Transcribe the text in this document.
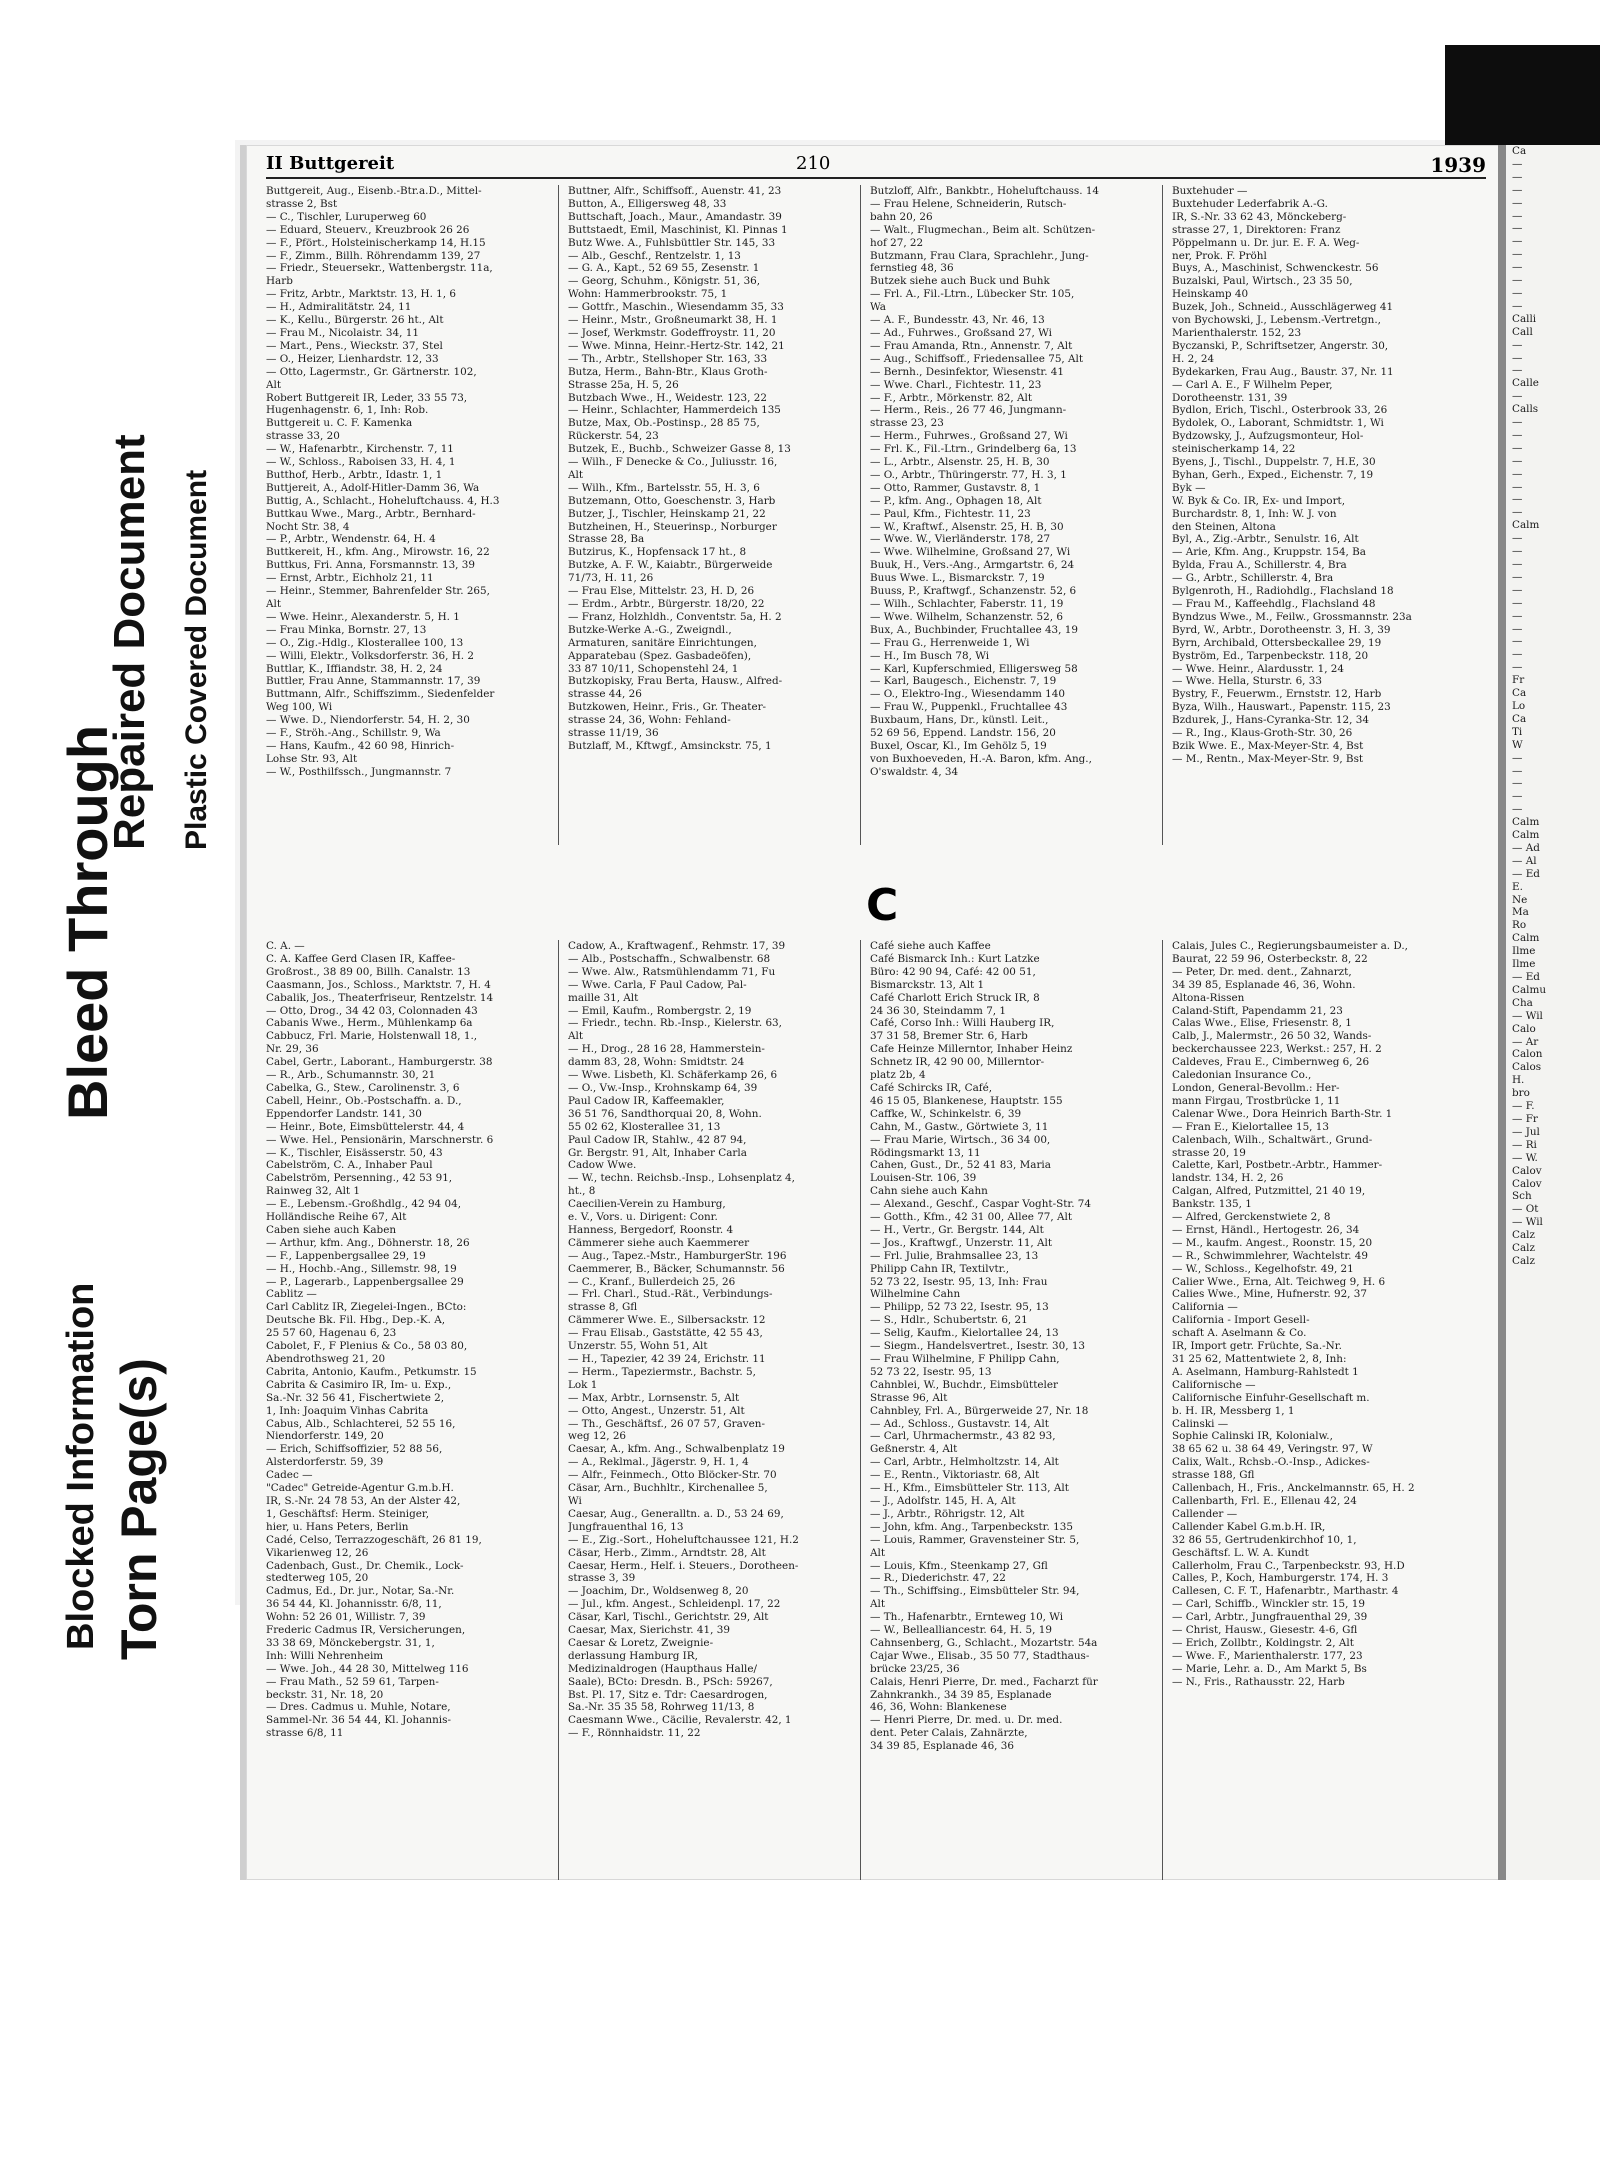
Blocked Information Torn Page(s)
Bleed Through
Repaired Document Plastic Covered Document
II Buttgereit	210	1939
Buttgereit, Aug., Eisenb.-Btr.a.D., Mittel-
strasse 2, Bst
— C., Tischler, Luruperweg 60
— Eduard, Steuerv., Kreuzbrook 26 26
— F., Pfört., Holsteinischerkamp 14, H.15
— F., Zimm., Billh. Röhrendamm 139, 27
— Friedr., Steuersekr., Wattenbergstr. 11a,
Harb
— Fritz, Arbtr., Marktstr. 13, H. 1, 6
— H., Admiralitätstr. 24, 11
— K., Kellu., Bürgerstr. 26 ht., Alt
— Frau M., Nicolaistr. 34, 11
— Mart., Pens., Wieckstr. 37, Stel
— O., Heizer, Lienhardstr. 12, 33
— Otto, Lagermstr., Gr. Gärtnerstr. 102,
Alt
Robert Buttgereit IR, Leder, 33 55 73,
Hugenhagenstr. 6, 1, Inh: Rob.
Buttgereit u. C. F. Kamenka
strasse 33, 20
— W., Hafenarbtr., Kirchenstr. 7, 11
— W., Schloss., Raboisen 33, H. 4, 1
Butthof, Herb., Arbtr., Idastr. 1, 1
Buttjereit, A., Adolf-Hitler-Damm 36, Wa
Buttig, A., Schlacht., Hoheluftchauss. 4, H.3
Buttkau Wwe., Marg., Arbtr., Bernhard-
Nocht Str. 38, 4
— P., Arbtr., Wendenstr. 64, H. 4
Buttkereit, H., kfm. Ang., Mirowstr. 16, 22
Buttkus, Fri. Anna, Forsmannstr. 13, 39
— Ernst, Arbtr., Eichholz 21, 11
— Heinr., Stemmer, Bahrenfelder Str. 265,
Alt
— Wwe. Heinr., Alexanderstr. 5, H. 1
— Frau Minka, Bornstr. 27, 13
— O., Zig.-Hdlg., Klosterallee 100, 13
— Willi, Elektr., Volksdorferstr. 36, H. 2
Buttlar, K., Iffiandstr. 38, H. 2, 24
Buttler, Frau Anne, Stammannstr. 17, 39
Buttmann, Alfr., Schiffszimm., Siedenfelder
Weg 100, Wi
— Wwe. D., Niendorferstr. 54, H. 2, 30
— F., Ströh.-Ang., Schillstr. 9, Wa
— Hans, Kaufm., 42 60 98, Hinrich-
Lohse Str. 93, Alt
— W., Posthilfssch., Jungmannstr. 7
Buttner, Alfr., Schiffsoff., Auenstr. 41, 23
Button, A., Elligersweg 48, 33
Buttschaft, Joach., Maur., Amandastr. 39
Buttstaedt, Emil, Maschinist, Kl. Pinnas 1
Butz Wwe. A., Fuhlsbüttler Str. 145, 33
— Alb., Geschf., Rentzelstr. 1, 13
— G. A., Kapt., 52 69 55, Zesenstr. 1
— Georg, Schuhm., Königstr. 51, 36,
Wohn: Hammerbrookstr. 75, 1
— Gottfr., Maschin., Wiesendamm 35, 33
— Heinr., Mstr., Großneumarkt 38, H. 1
— Josef, Werkmstr. Godeffroystr. 11, 20
— Wwe. Minna, Heinr.-Hertz-Str. 142, 21
— Th., Arbtr., Stellshoper Str. 163, 33
Butza, Herm., Bahn-Btr., Klaus Groth-
Strasse 25a, H. 5, 26
Butzbach Wwe., H., Weidestr. 123, 22
— Heinr., Schlachter, Hammerdeich 135
Butze, Max, Ob.-Postinsp., 28 85 75,
Rückerstr. 54, 23
Butzek, E., Buchb., Schweizer Gasse 8, 13
— Wilh., F Denecke & Co., Juliusstr. 16,
Alt
— Wilh., Kfm., Bartelsstr. 55, H. 3, 6
Butzemann, Otto, Goeschenstr. 3, Harb
Butzer, J., Tischler, Heinskamp 21, 22
Butzheinen, H., Steuerinsp., Norburger
Strasse 28, Ba
Butzirus, K., Hopfensack 17 ht., 8
Butzke, A. F. W., Kaiabtr., Bürgerweide
71/73, H. 11, 26
— Frau Else, Mittelstr. 23, H. D, 26
— Erdm., Arbtr., Bürgerstr. 18/20, 22
— Franz, Holzhldh., Conventstr. 5a, H. 2
Butzke-Werke A.-G., Zweigndl.,
Armaturen, sanitäre Einrichtungen,
Apparatebau (Spez. Gasbadeöfen),
33 87 10/11, Schopenstehl 24, 1
Butzkopisky, Frau Berta, Hausw., Alfred-
strasse 44, 26
Butzkowen, Heinr., Fris., Gr. Theater-
strasse 24, 36, Wohn: Fehland-
strasse 11/19, 36
Butzlaff, M., Kftwgf., Amsinckstr. 75, 1
Butzloff, Alfr., Bankbtr., Hoheluftchauss. 14
— Frau Helene, Schneiderin, Rutsch-
bahn 20, 26
— Walt., Flugmechan., Beim alt. Schützen-
hof 27, 22
Butzmann, Frau Clara, Sprachlehr., Jung-
fernstieg 48, 36
Butzek siehe auch Buck und Buhk
— Frl. A., Fil.-Ltrn., Lübecker Str. 105,
Wa
— A. F., Bundesstr. 43, Nr. 46, 13
— Ad., Fuhrwes., Großsand 27, Wi
— Frau Amanda, Rtn., Annenstr. 7, Alt
— Aug., Schiffsoff., Friedensallee 75, Alt
— Bernh., Desinfektor, Wiesenstr. 41
— Wwe. Charl., Fichtestr. 11, 23
— F., Arbtr., Mörkenstr. 82, Alt
— Herm., Reis., 26 77 46, Jungmann-
strasse 23, 23
— Herm., Fuhrwes., Großsand 27, Wi
— Frl. K., Fil.-Ltrn., Grindelberg 6a, 13
— L., Arbtr., Alsenstr. 25, H. B, 30
— O., Arbtr., Thüringerstr. 77, H. 3, 1
— Otto, Rammer, Gustavstr. 8, 1
— P., kfm. Ang., Ophagen 18, Alt
— Paul, Kfm., Fichtestr. 11, 23
— W., Kraftwf., Alsenstr. 25, H. B, 30
— Wwe. W., Vierländerstr. 178, 27
— Wwe. Wilhelmine, Großsand 27, Wi
Buuk, H., Vers.-Ang., Armgartstr. 6, 24
Buus Wwe. L., Bismarckstr. 7, 19
Buuss, P., Kraftwgf., Schanzenstr. 52, 6
— Wilh., Schlachter, Faberstr. 11, 19
— Wwe. Wilhelm, Schanzenstr. 52, 6
Bux, A., Buchbinder, Fruchtallee 43, 19
— Frau G., Herrenweide 1, Wi
— H., Im Busch 78, Wi
— Karl, Kupferschmied, Elligersweg 58
— Karl, Baugesch., Eichenstr. 7, 19
— O., Elektro-Ing., Wiesendamm 140
— Frau W., Puppenkl., Fruchtallee 43
Buxbaum, Hans, Dr., künstl. Leit.,
52 69 56, Eppend. Landstr. 156, 20
Buxel, Oscar, Kl., Im Gehölz 5, 19
von Buxhoeveden, H.-A. Baron, kfm. Ang.,
O'swaldstr. 4, 34
Buxtehuder —
Buxtehuder Lederfabrik A.-G.
IR, S.-Nr. 33 62 43, Mönckeberg-
strasse 27, 1, Direktoren: Franz
Pöppelmann u. Dr. jur. E. F. A. Weg-
ner, Prok. F. Pröhl
Buys, A., Maschinist, Schwenckestr. 56
Buzalski, Paul, Wirtsch., 23 35 50,
Heinskamp 40
Buzek, Joh., Schneid., Ausschlägerweg 41
von Bychowski, J., Lebensm.-Vertretgn.,
Marienthalerstr. 152, 23
Byczanski, P., Schriftsetzer, Angerstr. 30,
H. 2, 24
Bydekarken, Frau Aug., Baustr. 37, Nr. 11
— Carl A. E., F Wilhelm Peper,
Dorotheenstr. 131, 39
Bydlon, Erich, Tischl., Osterbrook 33, 26
Bydolek, O., Laborant, Schmidtstr. 1, Wi
Bydzowsky, J., Aufzugsmonteur, Hol-
steinischerkamp 14, 22
Byens, J., Tischl., Duppelstr. 7, H.E, 30
Byhan, Gerh., Exped., Eichenstr. 7, 19
Byk —
W. Byk & Co. IR, Ex- und Import,
Burchardstr. 8, 1, Inh: W. J. von
den Steinen, Altona
Byl, A., Zig.-Arbtr., Senulstr. 16, Alt
— Arie, Kfm. Ang., Kruppstr. 154, Ba
Bylda, Frau A., Schillerstr. 4, Bra
— G., Arbtr., Schillerstr. 4, Bra
Bylgenroth, H., Radiohdlg., Flachsland 18
— Frau M., Kaffeehdlg., Flachsland 48
Byndzus Wwe., M., Feilw., Grossmannstr. 23a
Byrd, W., Arbtr., Dorotheenstr. 3, H. 3, 39
Byrn, Archibald, Ottersbeckallee 29, 19
Byström, Ed., Tarpenbeckstr. 118, 20
— Wwe. Heinr., Alardusstr. 1, 24
— Wwe. Hella, Sturstr. 6, 33
Bystry, F., Feuerwm., Ernststr. 12, Harb
Byza, Wilh., Hauswart., Papenstr. 115, 23
Bzdurek, J., Hans-Cyranka-Str. 12, 34
— R., Ing., Klaus-Groth-Str. 30, 26
Bzik Wwe. E., Max-Meyer-Str. 4, Bst
— M., Rentn., Max-Meyer-Str. 9, Bst
C
C. A. —
C. A. Kaffee Gerd Clasen IR, Kaffee-
Großrost., 38 89 00, Billh. Canalstr. 13
Caasmann, Jos., Schloss., Marktstr. 7, H. 4
Cabalik, Jos., Theaterfriseur, Rentzelstr. 14
— Otto, Drog., 34 42 03, Colonnaden 43
Cabanis Wwe., Herm., Mühlenkamp 6a
Cabbucz, Frl. Marie, Holstenwall 18, 1.,
Nr. 29, 36
Cabel, Gertr., Laborant., Hamburgerstr. 38
— R., Arb., Schumannstr. 30, 21
Cabelka, G., Stew., Carolinenstr. 3, 6
Cabell, Heinr., Ob.-Postschaffn. a. D.,
Eppendorfer Landstr. 141, 30
— Heinr., Bote, Eimsbüttelerstr. 44, 4
— Wwe. Hel., Pensionärin, Marschnerstr. 6
— K., Tischler, Eisässerstr. 50, 43
Cabelström, C. A., Inhaber Paul
Cabelström, Persenning., 42 53 91,
Rainweg 32, Alt 1
— E., Lebensm.-Großhdlg., 42 94 04,
Holländische Reihe 67, Alt
Caben siehe auch Kaben
— Arthur, kfm. Ang., Döhnerstr. 18, 26
— F., Lappenbergsallee 29, 19
— H., Hochb.-Ang., Sillemstr. 98, 19
— P., Lagerarb., Lappenbergsallee 29
Cablitz —
Carl Cablitz IR, Ziegelei-Ingen., BCto:
Deutsche Bk. Fil. Hbg., Dep.-K. A,
25 57 60, Hagenau 6, 23
Cabolet, F., F Plenius & Co., 58 03 80,
Abendrothsweg 21, 20
Cabrita, Antonio, Kaufm., Petkumstr. 15
Cabrita & Casimiro IR, Im- u. Exp.,
Sa.-Nr. 32 56 41, Fischertwiete 2,
1, Inh: Joaquim Vinhas Cabrita
Cabus, Alb., Schlachterei, 52 55 16,
Niendorferstr. 149, 20
— Erich, Schiffsoffizier, 52 88 56,
Alsterdorferstr. 59, 39
Cadec —
"Cadec" Getreide-Agentur G.m.b.H.
IR, S.-Nr. 24 78 53, An der Alster 42,
1, Geschäftsf: Herm. Steiniger,
hier, u. Hans Peters, Berlin
Cadé, Celso, Terrazzogeschäft, 26 81 19,
Vikarienweg 12, 26
Cadenbach, Gust., Dr. Chemik., Lock-
stedterweg 105, 20
Cadmus, Ed., Dr. jur., Notar, Sa.-Nr.
36 54 44, Kl. Johannisstr. 6/8, 11,
Wohn: 52 26 01, Willistr. 7, 39
Frederic Cadmus IR, Versicherungen,
33 38 69, Mönckebergstr. 31, 1,
Inh: Willi Nehrenheim
— Wwe. Joh., 44 28 30, Mittelweg 116
— Frau Math., 52 59 61, Tarpen-
beckstr. 31, Nr. 18, 20
— Dres. Cadmus u. Muhle, Notare,
Sammel-Nr. 36 54 44, Kl. Johannis-
strasse 6/8, 11
Cadow, A., Kraftwagenf., Rehmstr. 17, 39
— Alb., Postschaffn., Schwalbenstr. 68
— Wwe. Alw., Ratsmühlendamm 71, Fu
— Wwe. Carla, F Paul Cadow, Pal-
maille 31, Alt
— Emil, Kaufm., Rombergstr. 2, 19
— Friedr., techn. Rb.-Insp., Kielerstr. 63,
Alt
— H., Drog., 28 16 28, Hammerstein-
damm 83, 28, Wohn: Smidtstr. 24
— Wwe. Lisbeth, Kl. Schäferkamp 26, 6
— O., Vw.-Insp., Krohnskamp 64, 39
Paul Cadow IR, Kaffeemakler,
36 51 76, Sandthorquai 20, 8, Wohn.
55 02 62, Klosterallee 31, 13
Paul Cadow IR, Stahlw., 42 87 94,
Gr. Bergstr. 91, Alt, Inhaber Carla
Cadow Wwe.
— W., techn. Reichsb.-Insp., Lohsenplatz 4,
ht., 8
Caecilien-Verein zu Hamburg,
e. V., Vors. u. Dirigent: Conr.
Hanness, Bergedorf, Roonstr. 4
Cämmerer siehe auch Kaemmerer
— Aug., Tapez.-Mstr., HamburgerStr. 196
Caemmerer, B., Bäcker, Schumannstr. 56
— C., Kranf., Bullerdeich 25, 26
— Frl. Charl., Stud.-Rät., Verbindungs-
strasse 8, Gfl
Cämmerer Wwe. E., Silbersackstr. 12
— Frau Elisab., Gaststätte, 42 55 43,
Unzerstr. 55, Wohn 51, Alt
— H., Tapezier, 42 39 24, Erichstr. 11
— Herm., Tapeziermstr., Bachstr. 5,
Lok 1
— Max, Arbtr., Lornsenstr. 5, Alt
— Otto, Angest., Unzerstr. 51, Alt
— Th., Geschäftsf., 26 07 57, Graven-
weg 12, 26
Caesar, A., kfm. Ang., Schwalbenplatz 19
— A., Reklmal., Jägerstr. 9, H. 1, 4
— Alfr., Feinmech., Otto Blöcker-Str. 70
Cäsar, Arn., Buchhltr., Kirchenallee 5,
Wi
Caesar, Aug., Generalltn. a. D., 53 24 69,
Jungfrauenthal 16, 13
— E., Zig.-Sort., Hoheluftchaussee 121, H.2
Cäsar, Herb., Zimm., Arndtstr. 28, Alt
Caesar, Herm., Helf. i. Steuers., Dorotheen-
strasse 3, 39
— Joachim, Dr., Woldsenweg 8, 20
— Jul., kfm. Angest., Schleidenpl. 17, 22
Cäsar, Karl, Tischl., Gerichtstr. 29, Alt
Caesar, Max, Sierichstr. 41, 39
Caesar & Loretz, Zweignie-
derlassung Hamburg IR,
Medizinaldrogen (Haupthaus Halle/
Saale), BCto: Dresdn. B., PSch: 59267,
Bst. Pl. 17, Sitz e. Tdr: Caesardrogen,
Sa.-Nr. 35 35 58, Rohrweg 11/13, 8
Caesmann Wwe., Cäcilie, Revalerstr. 42, 1
— F., Rönnhaidstr. 11, 22
Café siehe auch Kaffee
Café Bismarck Inh.: Kurt Latzke
Büro: 42 90 94, Café: 42 00 51,
Bismarckstr. 13, Alt 1
Café Charlott Erich Struck IR, 8
24 36 30, Steindamm 7, 1
Café, Corso Inh.: Willi Hauberg IR,
37 31 58, Bremer Str. 6, Harb
Cafe Heinze Millerntor, Inhaber Heinz
Schnetz IR, 42 90 00, Millerntor-
platz 2b, 4
Café Schircks IR, Café,
46 15 05, Blankenese, Hauptstr. 155
Caffke, W., Schinkelstr. 6, 39
Cahn, M., Gastw., Görtwiete 3, 11
— Frau Marie, Wirtsch., 36 34 00,
Rödingsmarkt 13, 11
Cahen, Gust., Dr., 52 41 83, Maria
Louisen-Str. 106, 39
Cahn siehe auch Kahn
— Alexand., Geschf., Caspar Voght-Str. 74
— Gotth., Kfm., 42 31 00, Allee 77, Alt
— H., Vertr., Gr. Bergstr. 144, Alt
— Jos., Kraftwgf., Unzerstr. 11, Alt
— Frl. Julie, Brahmsallee 23, 13
Philipp Cahn IR, Textilvtr.,
52 73 22, Isestr. 95, 13, Inh: Frau
Wilhelmine Cahn
— Philipp, 52 73 22, Isestr. 95, 13
— S., Hdlr., Schubertstr. 6, 21
— Selig, Kaufm., Kielortallee 24, 13
— Siegm., Handelsvertret., Isestr. 30, 13
— Frau Wilhelmine, F Philipp Cahn,
52 73 22, Isestr. 95, 13
Cahnblei, W., Buchdr., Eimsbütteler
Strasse 96, Alt
Cahnbley, Frl. A., Bürgerweide 27, Nr. 18
— Ad., Schloss., Gustavstr. 14, Alt
— Carl, Uhrmachermstr., 43 82 93,
Geßnerstr. 4, Alt
— Carl, Arbtr., Helmholtzstr. 14, Alt
— E., Rentn., Viktoriastr. 68, Alt
— H., Kfm., Eimsbütteler Str. 113, Alt
— J., Adolfstr. 145, H. A, Alt
— J., Arbtr., Röhrigstr. 12, Alt
— John, kfm. Ang., Tarpenbeckstr. 135
— Louis, Rammer, Gravensteiner Str. 5,
Alt
— Louis, Kfm., Steenkamp 27, Gfl
— R., Diederichstr. 47, 22
— Th., Schiffsing., Eimsbütteler Str. 94,
Alt
— Th., Hafenarbtr., Ernteweg 10, Wi
— W., Bellealliancestr. 64, H. 5, 19
Cahnsenberg, G., Schlacht., Mozartstr. 54a
Cajar Wwe., Elisab., 35 50 77, Stadthaus-
brücke 23/25, 36
Calais, Henri Pierre, Dr. med., Facharzt für
Zahnkrankh., 34 39 85, Esplanade
46, 36, Wohn: Blankenese
— Henri Pierre, Dr. med. u. Dr. med.
dent. Peter Calais, Zahnärzte,
34 39 85, Esplanade 46, 36
Calais, Jules C., Regierungsbaumeister a. D.,
Baurat, 22 59 96, Osterbeckstr. 8, 22
— Peter, Dr. med. dent., Zahnarzt,
34 39 85, Esplanade 46, 36, Wohn.
Altona-Rissen
Caland-Stift, Papendamm 21, 23
Calas Wwe., Elise, Friesenstr. 8, 1
Calb, J., Malermstr., 26 50 32, Wands-
beckerchaussee 223, Werkst.: 257, H. 2
Caldeves, Frau E., Cimbernweg 6, 26
Caledonian Insurance Co.,
London, General-Bevollm.: Her-
mann Firgau, Trostbrücke 1, 11
Calenar Wwe., Dora Heinrich Barth-Str. 1
— Fran E., Kielortallee 15, 13
Calenbach, Wilh., Schaltwärt., Grund-
strasse 20, 19
Calette, Karl, Postbetr.-Arbtr., Hammer-
landstr. 134, H. 2, 26
Calgan, Alfred, Putzmittel, 21 40 19,
Bankstr. 135, 1
— Alfred, Gerckenstwiete 2, 8
— Ernst, Händl., Hertogestr. 26, 34
— M., kaufm. Angest., Roonstr. 15, 20
— R., Schwimmlehrer, Wachtelstr. 49
— W., Schloss., Kegelhofstr. 49, 21
Calier Wwe., Erna, Alt. Teichweg 9, H. 6
Calies Wwe., Mine, Hufnerstr. 92, 37
California —
California - Import Gesell-
schaft A. Aselmann & Co.
IR, Import getr. Früchte, Sa.-Nr.
31 25 62, Mattentwiete 2, 8, Inh:
A. Aselmann, Hamburg-Rahlstedt 1
Californische —
Californische Einfuhr-Gesellschaft m.
b. H. IR, Messberg 1, 1
Calinski —
Sophie Calinski IR, Kolonialw.,
38 65 62 u. 38 64 49, Veringstr. 97, W
Calix, Walt., Rchsb.-O.-Insp., Adickes-
strasse 188, Gfl
Callenbach, H., Fris., Anckelmannstr. 65, H. 2
Callenbarth, Frl. E., Ellenau 42, 24
Callender —
Callender Kabel G.m.b.H. IR,
32 86 55, Gertrudenkirchhof 10, 1,
Geschäftsf. L. W. A. Kundt
Callerholm, Frau C., Tarpenbeckstr. 93, H.D
Calles, P., Koch, Hamburgerstr. 174, H. 3
Callesen, C. F. T., Hafenarbtr., Marthastr. 4
— Carl, Schiffb., Winckler str. 15, 19
— Carl, Arbtr., Jungfrauenthal 29, 39
— Christ, Hausw., Giesestr. 4-6, Gfl
— Erich, Zollbtr., Koldingstr. 2, Alt
— Wwe. F., Marienthalerstr. 177, 23
— Marie, Lehr. a. D., Am Markt 5, Bs
— N., Fris., Rathausstr. 22, Harb
Ca
—
—
—
—
—
—
—
—
—
—
—
—
Calli
Call
—
—
—
Calle
—
Calls
—
—
—
—
—
—
—
—
Calm
—
—
—
—
—
—
—
—
—
—
—
Fr
Ca
Lo
Ca
Ti
W
—
—
—
—
—
Calm
Calm
— Ad
— Al
— Ed
E.
Ne
Ma
Ro
Calm
Ilme
Ilme
— Ed
Calmu
Cha
— Wil
Calo
— Ar
Calon
Calos
H.
bro
— F.
— Fr
— Jul
— Ri
— W.
Calov
Calov
Sch
— Ot
— Wil
Calz
Calz
Calz
